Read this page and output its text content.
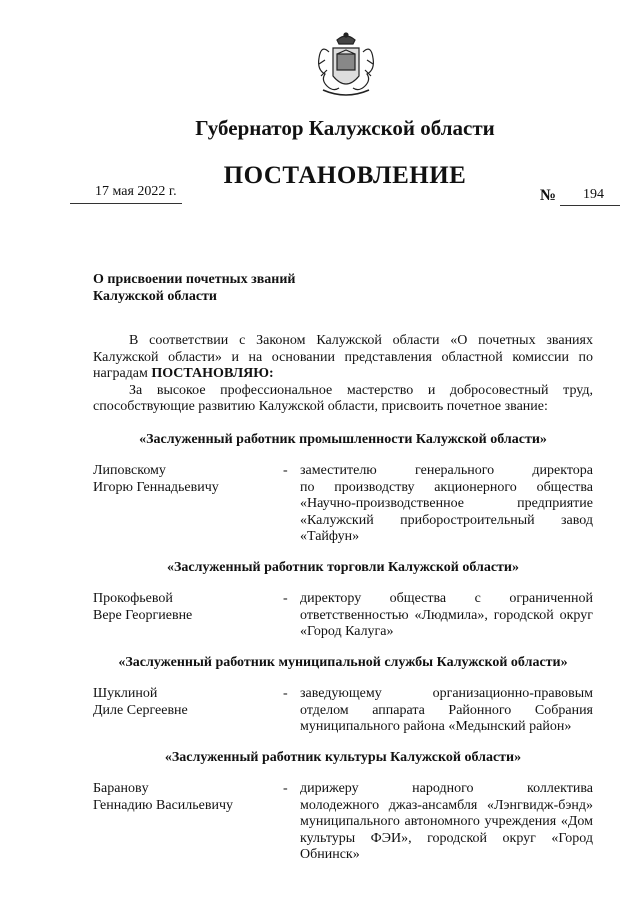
Губернатор Калужской области
ПОСТАНОВЛЕНИЕ
17 мая 2022 г.	№ 194
О присвоении почетных званий
Калужской области

В соответствии с Законом Калужской области «О почетных званиях Калужской области» и на основании представления областной комиссии по наградам ПОСТАНОВЛЯЮ:

За высокое профессиональное мастерство и добросовестный труд, способствующие развитию Калужской области, присвоить почетное звание:

«Заслуженный работник промышленности Калужской области»
Липовскому
Игорю Геннадьевичу
- заместителю генерального директора
по производству акционерного общества
«Научно-производственное предприятие
«Калужский приборостроительный завод
«Тайфун»
«Заслуженный работник торговли Калужской области»
Прокофьевой
Вере Георгиевне
- директору общества с ограниченной
ответственностью «Людмила», городской округ
«Город Калуга»
«Заслуженный работник муниципальной службы Калужской области»
Шуклиной
Диле Сергеевне
- заведующему организационно-правовым
отделом аппарата Районного Собрания
муниципального района «Медынский район»
«Заслуженный работник культуры Калужской области»
Барановy
Геннадию Васильевичу
- дирижеру народного коллектива
молодежного джаз-ансамбля «Лэнгвидж-бэнд»
муниципального автономного учреждения «Дом
культуры ФЭИ», городской округ «Город
Обнинск»
